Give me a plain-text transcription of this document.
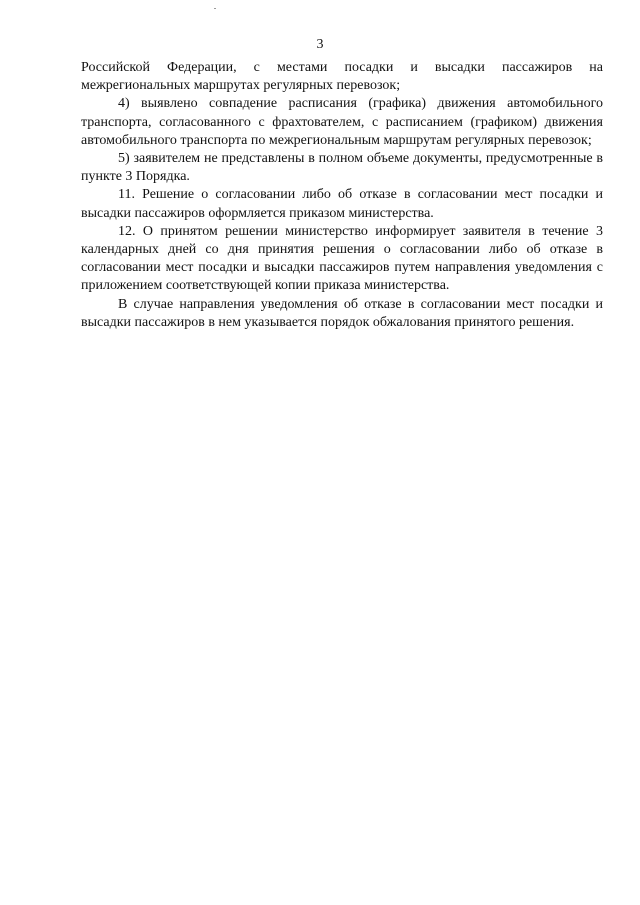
3

Российской Федерации, с местами посадки и высадки пассажиров на межрегиональных маршрутах регулярных перевозок;

4) выявлено совпадение расписания (графика) движения автомобильного транспорта, согласованного с фрахтователем, с расписанием (графиком) движения автомобильного транспорта по межрегиональным маршрутам регулярных перевозок;

5) заявителем не представлены в полном объеме документы, предусмотренные в пункте 3 Порядка.

11. Решение о согласовании либо об отказе в согласовании мест посадки и высадки пассажиров оформляется приказом министерства.

12. О принятом решении министерство информирует заявителя в течение 3 календарных дней со дня принятия решения о согласовании либо об отказе в согласовании мест посадки и высадки пассажиров путем направления уведомления с приложением соответствующей копии приказа министерства.

В случае направления уведомления об отказе в согласовании мест посадки и высадки пассажиров в нем указывается порядок обжалования принятого решения.
